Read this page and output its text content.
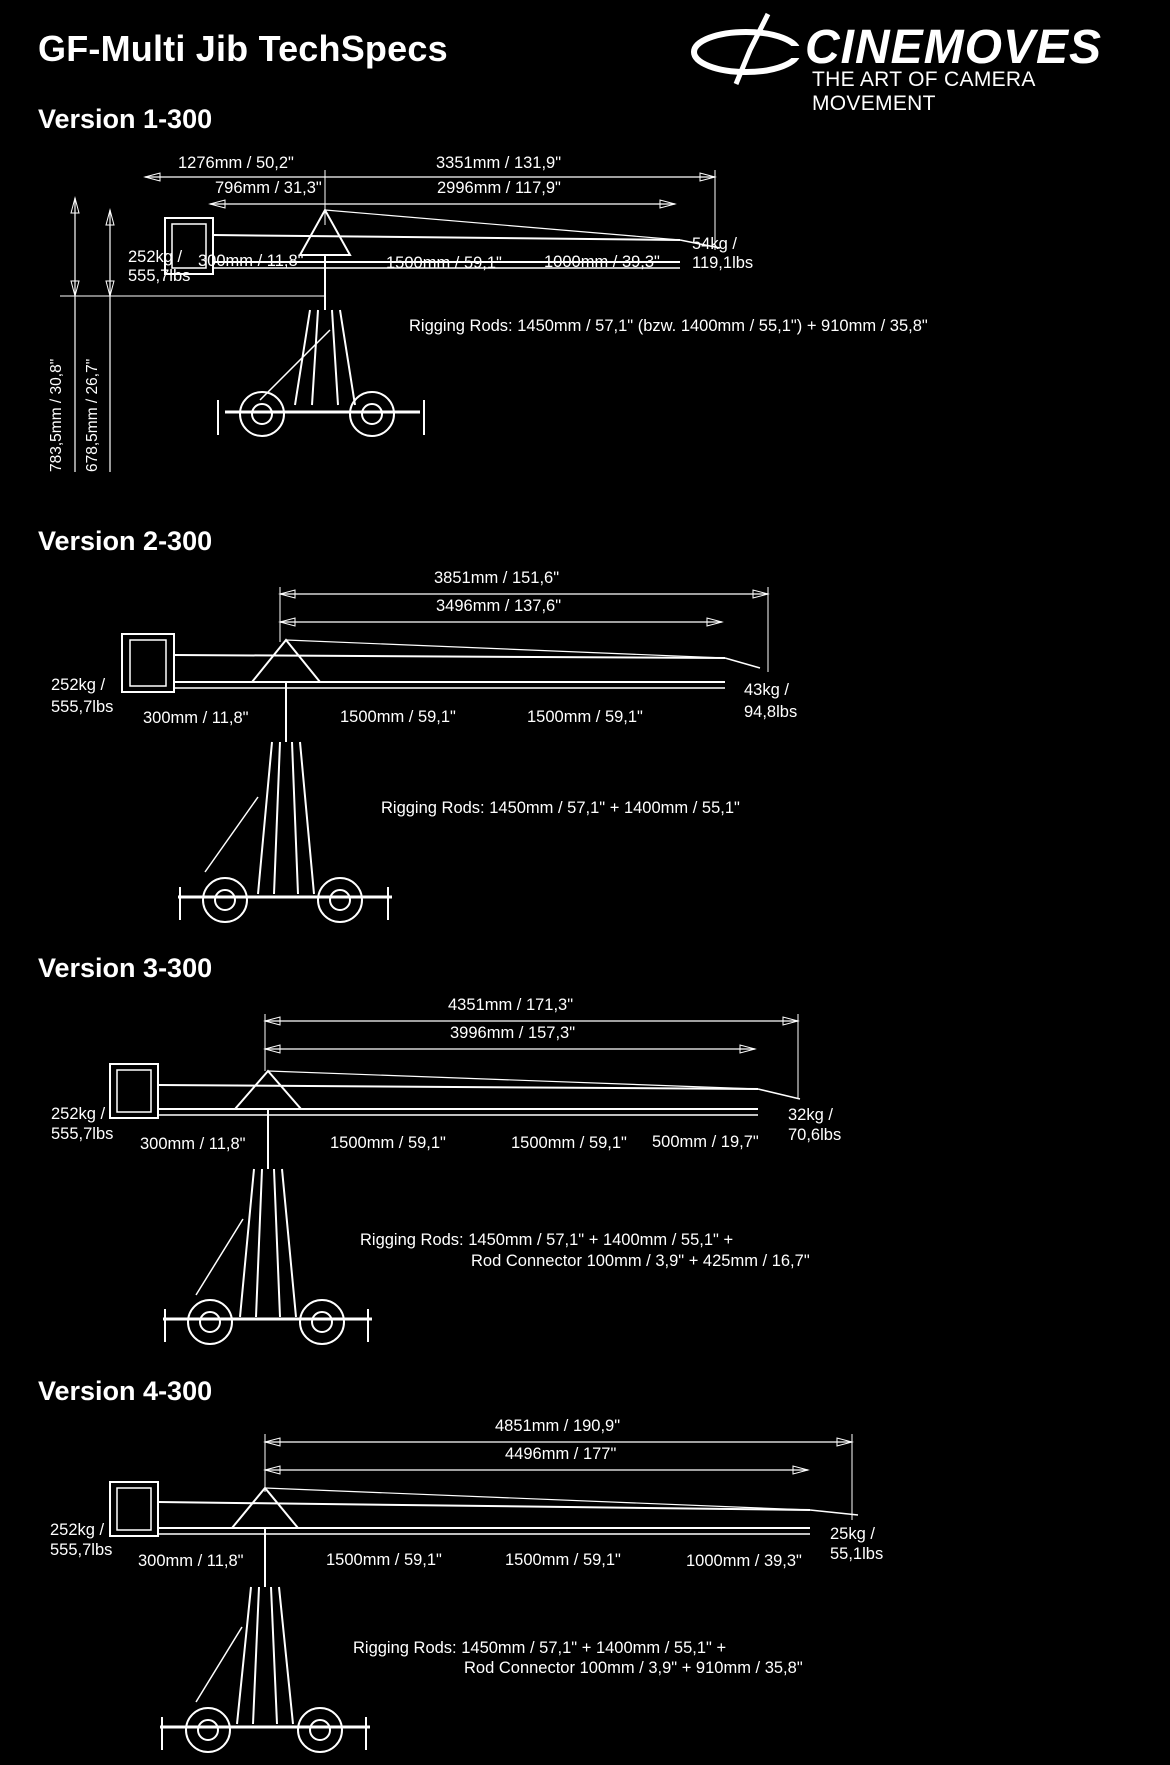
GF-Multi Jib TechSpecs	CINEMOVES
THE ART OF CAMERA MOVEMENT
Version 1-300
1276mm / 50,2"
796mm / 31,3"
3351mm / 131,9"
2996mm / 117,9"
252kg /
555,7lbs
300mm / 11,8"	1500mm / 59,1"	1000mm / 39,3"
54kg /
119,1lbs
Rigging Rods: 1450mm / 57,1" (bzw. 1400mm / 55,1") + 910mm / 35,8"
783,5mm / 30,8" 678,5mm / 26,7"
Version 2-300
3851mm / 151,6"
3496mm / 137,6"
252kg /
555,7lbs
300mm / 11,8"	1500mm / 59,1"	1500mm / 59,1"
43kg /
94,8lbs
Rigging Rods: 1450mm / 57,1" + 1400mm / 55,1"
Version 3-300
4351mm / 171,3"
3996mm / 157,3"
252kg /
555,7lbs
300mm / 11,8"	1500mm / 59,1"	1500mm / 59,1" 500mm / 19,7"
32kg /
70,6lbs
Rigging Rods: 1450mm / 57,1" + 1400mm / 55,1" +
Rod Connector 100mm / 3,9" + 425mm / 16,7"
Version 4-300
4851mm / 190,9"
4496mm / 177"
252kg /
555,7lbs
300mm / 11,8"	1500mm / 59,1"	1500mm / 59,1"	1000mm / 39,3"
25kg /
55,1lbs
Rigging Rods: 1450mm / 57,1" + 1400mm / 55,1" +
Rod Connector 100mm / 3,9" + 910mm / 35,8"
